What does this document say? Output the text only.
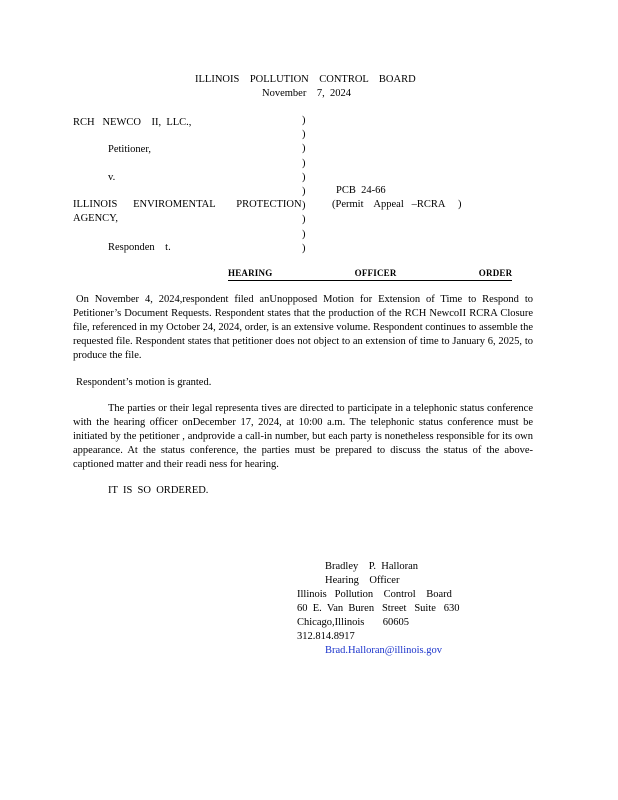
ILLINOIS    POLLUTION    CONTROL    BOARD
November    7,  2024
RCH   NEWCO    II,  LLC.,
Petitioner,
v.
ILLINOIS      ENVIROMENTAL        PROTECTION
AGENCY,
Responden    t.
)
)
)
)
)
)
)
)
)
)
PCB  24-66
(Permit    Appeal   –RCRA     )
HEARING     OFFICER     ORDER
On November 4, 2024,respondent filed anUnopposed Motion for Extension of Time to Respond to Petitioner’s Document Requests. Respondent states that the production of the RCH NewcoII RCRA Closure file, referenced in my October 24, 2024, order, is an extensive volume. Respondent continues to assemble the requested file. Respondent states that petitioner does not object to an extension of time to January 6, 2025, to produce the file.
Respondent’s motion is granted.
The parties or their legal representa tives are directed to participate in a telephonic status conference with the hearing officer onDecember 17, 2024, at 10:00 a.m. The telephonic status conference must be initiated by the petitioner , andprovide a call-in number, but each party is nonetheless responsible for its own appearance. At the status conference, the parties must be prepared to discuss the status of the above- captioned matter and their readi ness for hearing.
IT  IS  SO  ORDERED.
Bradley    P.  Halloran
Hearing    Officer
Illinois   Pollution    Control    Board
60  E.  Van  Buren   Street   Suite   630
Chicago,Illinois       60605
312.814.8917
Brad.Halloran@illinois.gov
